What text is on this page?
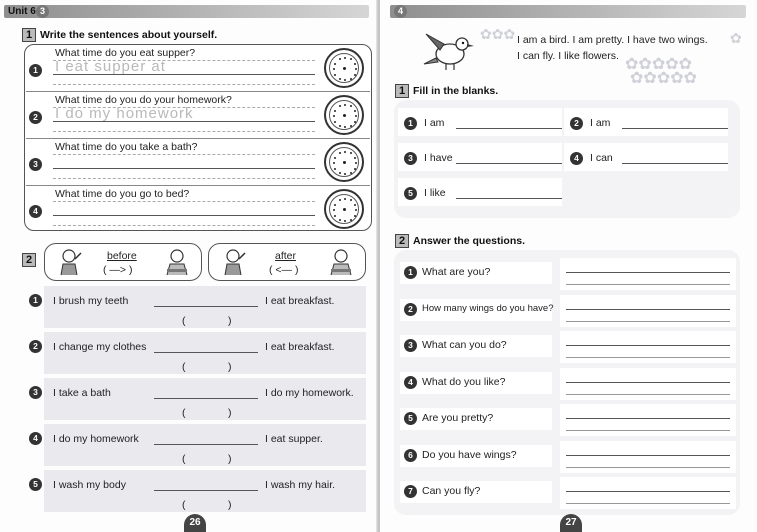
Unit 6 3
1 Write the sentences about yourself.
1
What time do you eat supper?
I eat supper at
2
What time do you do your homework?
I do my homework
3
What time do you take a bath?
4
What time do you go to bed?
2	before
( —> )
after
( <— )
1	I brush my teeth	I eat breakfast.
(	)
2	I change my clothes	I eat breakfast.
(	)
3	I take a bath	I do my homework.
(	)
4	I do my homework	I eat supper.
(	)
5	I wash my body	I wash my hair.
(	)
26
4
✿✿✿
✿✿✿✿✿
✿✿✿✿✿
✿
I am a bird. I am pretty. I have two wings.
I can fly. I like flowers.
1 Fill in the blanks.
1	I am	2	I am
3	I have	4	I can
5	I like
2 Answer the questions.
1 What are you?
2 How many wings do you have?
3 What can you do?
4 What do you like?
5 Are you pretty?
6 Do you have wings?
7 Can you fly?
27
